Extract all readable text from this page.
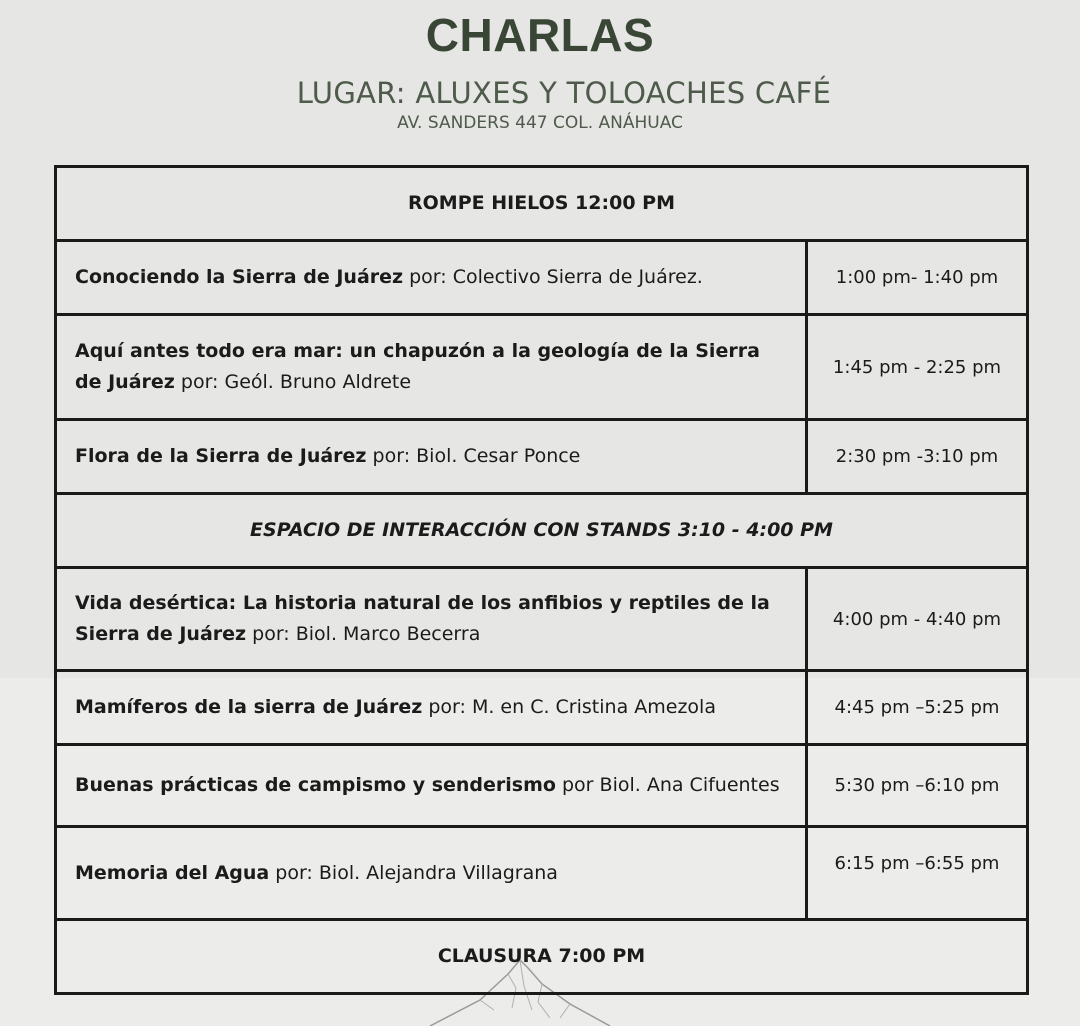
CHARLAS

LUGAR: ALUXES Y TOLOACHES CAFÉ

AV. SANDERS 447 COL. ANÁHUAC

ROMPE HIELOS 12:00 PM	
Conociendo la Sierra de Juárez por: Colectivo Sierra de Juárez.	1:00 pm- 1:40 pm
Aquí antes todo era mar: un chapuzón a la geología de la Sierra de Juárez por: Geól. Bruno Aldrete	1:45 pm - 2:25 pm
Flora de la Sierra de Juárez por: Biol. Cesar Ponce	2:30 pm -3:10 pm
ESPACIO DE INTERACCIÓN CON STANDS 3:10 - 4:00 PM	
Vida desértica: La historia natural de los anfibios y reptiles de la Sierra de Juárez por: Biol. Marco Becerra	4:00 pm - 4:40 pm
Mamíferos de la sierra de Juárez por: M. en C. Cristina Amezola	4:45 pm –5:25 pm
Buenas prácticas de campismo y senderismo por Biol. Ana Cifuentes	5:30 pm –6:10 pm
Memoria del Agua por: Biol. Alejandra Villagrana	6:15 pm –6:55 pm
CLAUSURA 7:00 PM	
